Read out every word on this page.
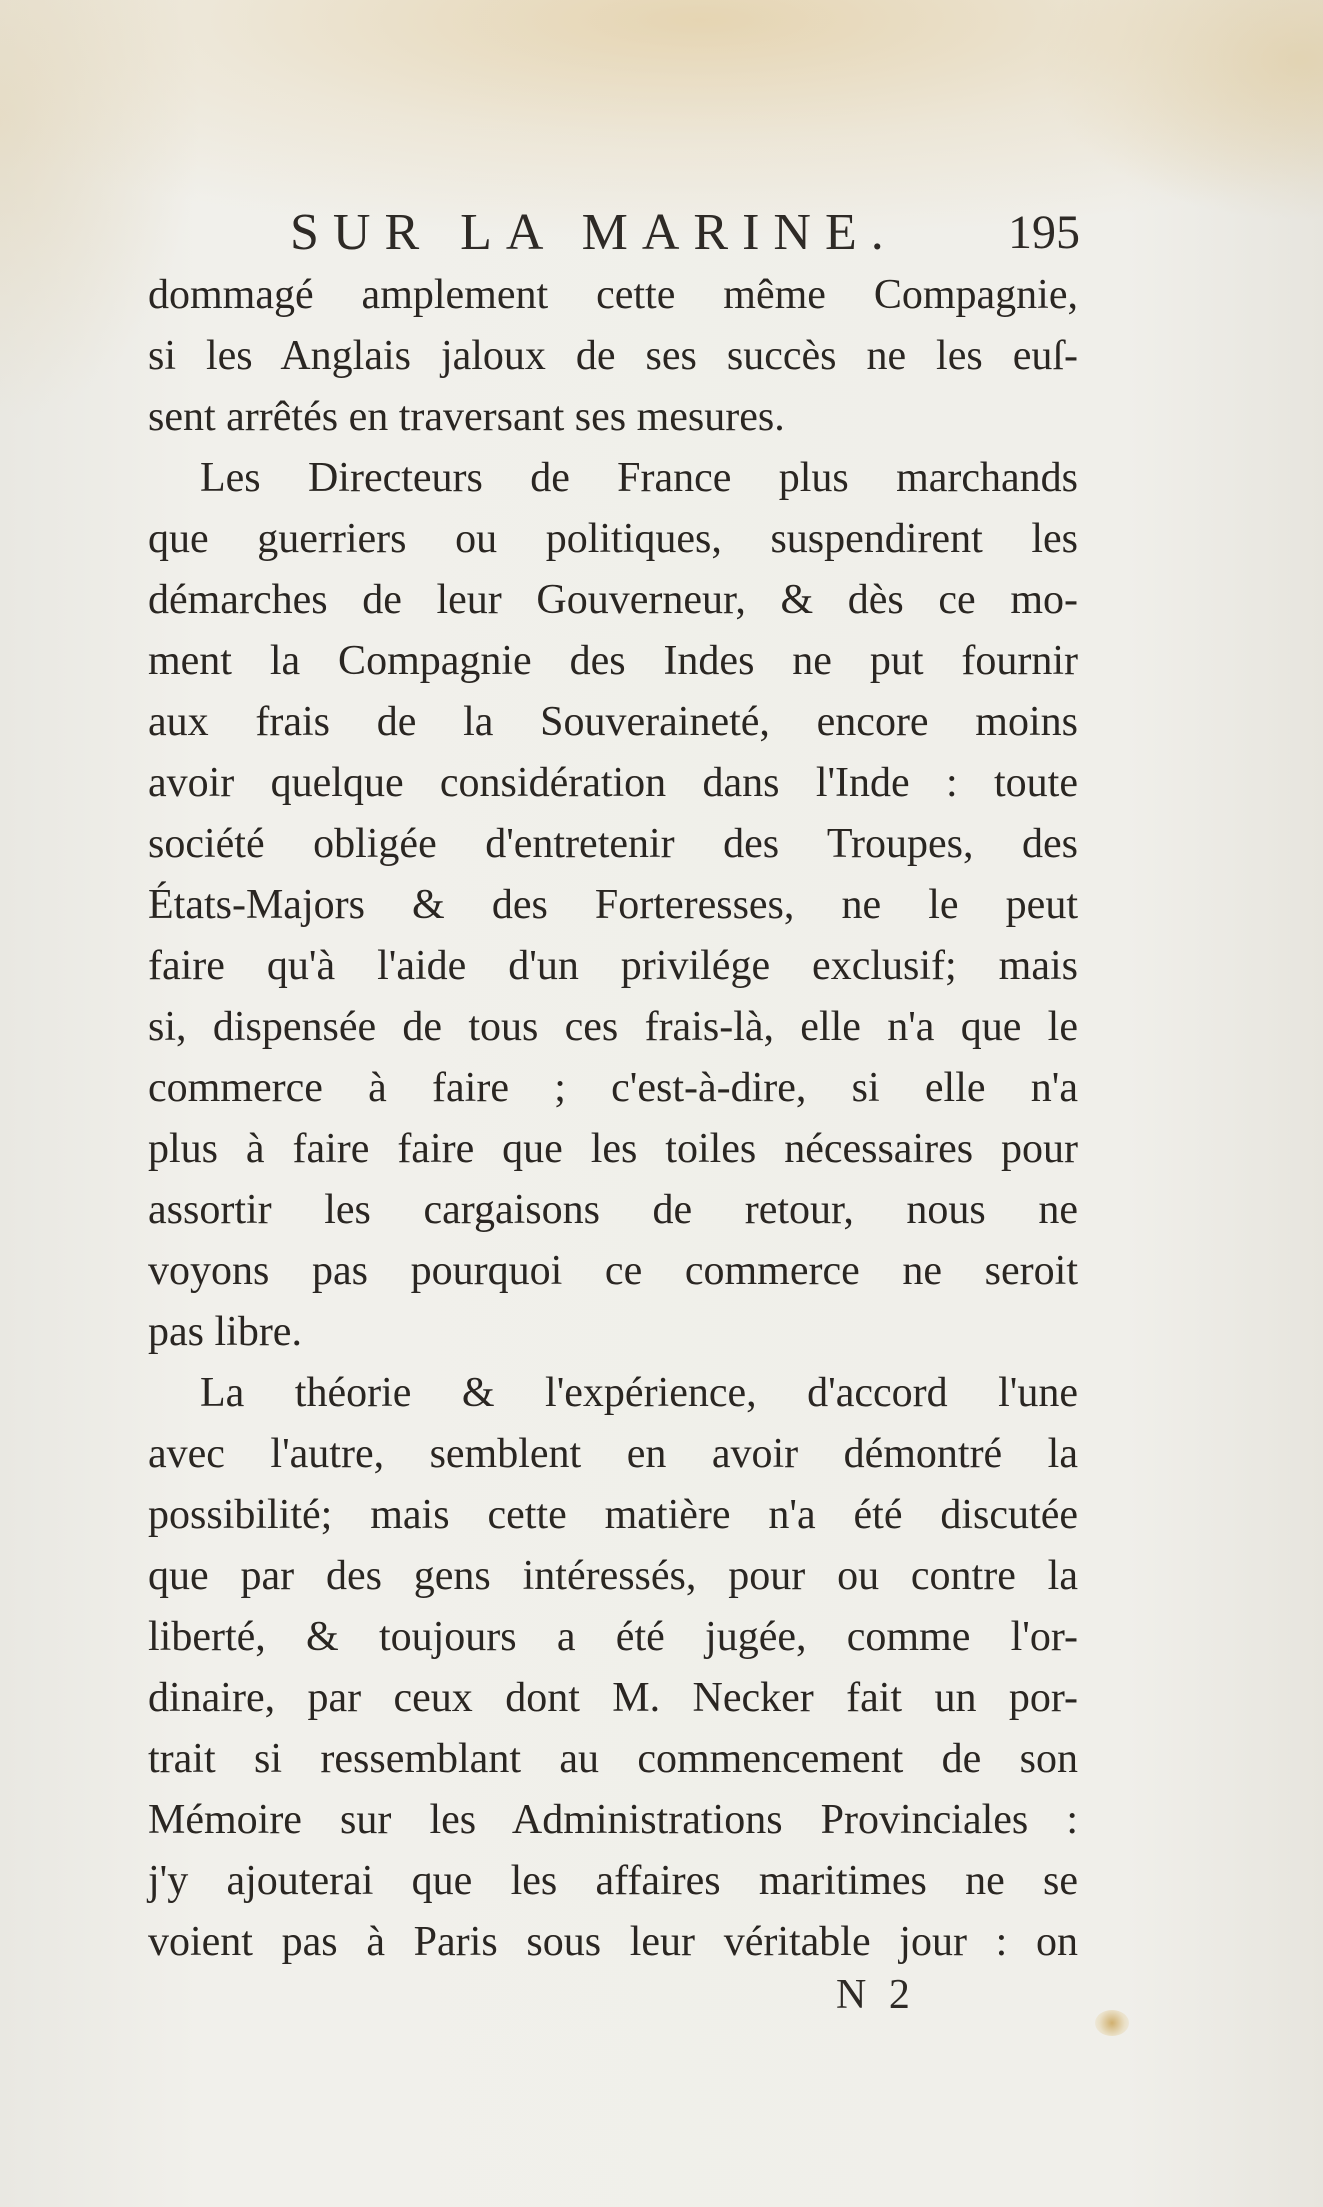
SUR LA MARINE. 195
dommagé amplement cette même Compagnie,
si les Anglais jaloux de ses succès ne les euſ-
sent arrêtés en traversant ses mesures.
Les Directeurs de France plus marchands
que guerriers ou politiques, suspendirent les
démarches de leur Gouverneur, & dès ce mo-
ment la Compagnie des Indes ne put fournir
aux frais de la Souveraineté, encore moins
avoir quelque considération dans l'Inde : toute
société obligée d'entretenir des Troupes, des
États-Majors & des Forteresses, ne le peut
faire qu'à l'aide d'un privilége exclusif; mais
si, dispensée de tous ces frais-là, elle n'a que le
commerce à faire ; c'est-à-dire, si elle n'a
plus à faire faire que les toiles nécessaires pour
assortir les cargaisons de retour, nous ne
voyons pas pourquoi ce commerce ne seroit
pas libre.
La théorie & l'expérience, d'accord l'une
avec l'autre, semblent en avoir démontré la
possibilité; mais cette matière n'a été discutée
que par des gens intéressés, pour ou contre la
liberté, & toujours a été jugée, comme l'or-
dinaire, par ceux dont M. Necker fait un por-
trait si ressemblant au commencement de son
Mémoire sur les Administrations Provinciales :
j'y ajouterai que les affaires maritimes ne se
voient pas à Paris sous leur véritable jour : on
N 2
